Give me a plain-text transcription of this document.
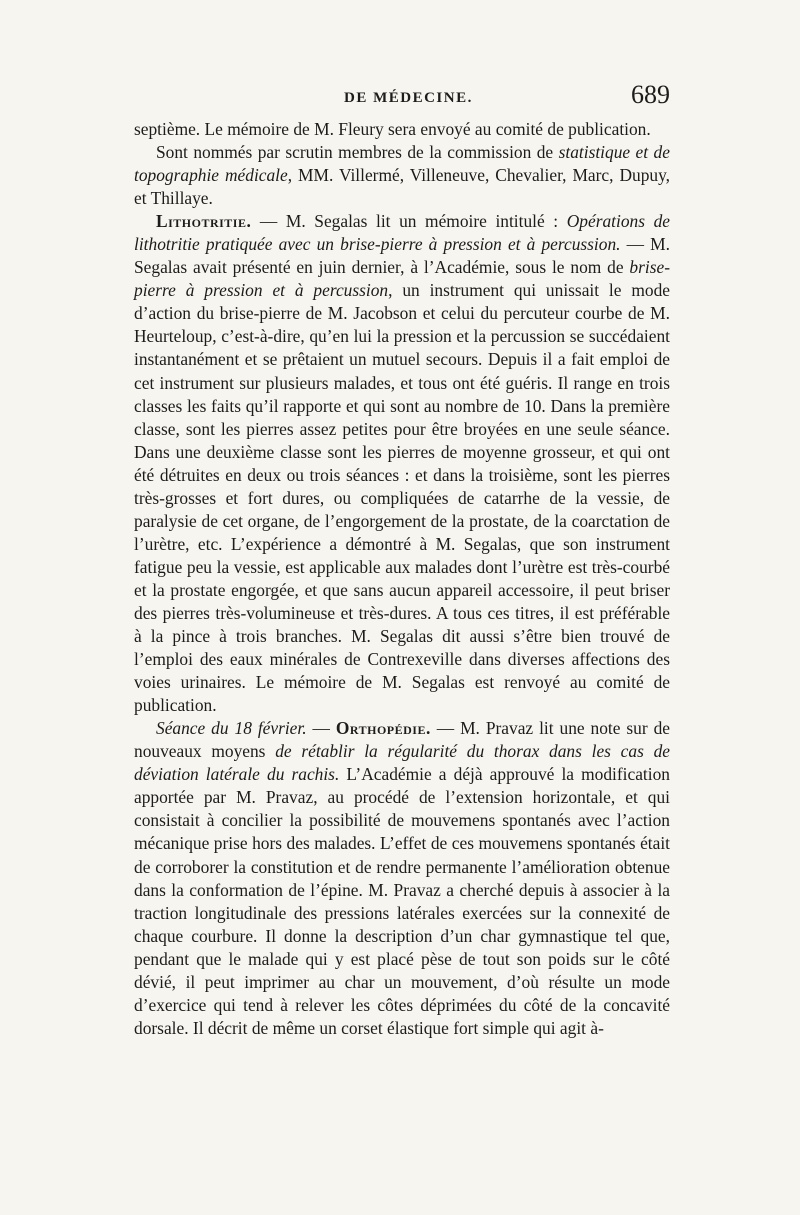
DE MÉDECINE.	689

septième. Le mémoire de M. Fleury sera envoyé au comité de publication.

Sont nommés par scrutin membres de la commission de statistique et de topographie médicale, MM. Villermé, Villeneuve, Chevalier, Marc, Dupuy, et Thillaye.

Lithotritie. — M. Segalas lit un mémoire intitulé : Opérations de lithotritie pratiquée avec un brise-pierre à pression et à percussion. — M. Segalas avait présenté en juin dernier, à l’Académie, sous le nom de brise-pierre à pression et à percussion, un instrument qui unissait le mode d’action du brise-pierre de M. Jacobson et celui du percuteur courbe de M. Heurteloup, c’est-à-dire, qu’en lui la pression et la percussion se succédaient instantanément et se prêtaient un mutuel secours. Depuis il a fait emploi de cet instrument sur plusieurs malades, et tous ont été guéris. Il range en trois classes les faits qu’il rapporte et qui sont au nombre de 10. Dans la première classe, sont les pierres assez petites pour être broyées en une seule séance. Dans une deuxième classe sont les pierres de moyenne grosseur, et qui ont été détruites en deux ou trois séances : et dans la troisième, sont les pierres très-grosses et fort dures, ou compliquées de catarrhe de la vessie, de paralysie de cet organe, de l’engorgement de la prostate, de la coarctation de l’urètre, etc. L’expérience a démontré à M. Segalas, que son instrument fatigue peu la vessie, est applicable aux malades dont l’urètre est très-courbé et la prostate engorgée, et que sans aucun appareil accessoire, il peut briser des pierres très-volumineuse et très-dures. A tous ces titres, il est préférable à la pince à trois branches. M. Segalas dit aussi s’être bien trouvé de l’emploi des eaux minérales de Contrexeville dans diverses affections des voies urinaires. Le mémoire de M. Segalas est renvoyé au comité de publication.

Séance du 18 février. — Orthopédie. — M. Pravaz lit une note sur de nouveaux moyens de rétablir la régularité du thorax dans les cas de déviation latérale du rachis. L’Académie a déjà approuvé la modification apportée par M. Pravaz, au procédé de l’extension horizontale, et qui consistait à concilier la possibilité de mouvemens spontanés avec l’action mécanique prise hors des malades. L’effet de ces mouvemens spontanés était de corroborer la constitution et de rendre permanente l’amélioration obtenue dans la conformation de l’épine. M. Pravaz a cherché depuis à associer à la traction longitudinale des pressions latérales exercées sur la connexité de chaque courbure. Il donne la description d’un char gymnastique tel que, pendant que le malade qui y est placé pèse de tout son poids sur le côté dévié, il peut imprimer au char un mouvement, d’où résulte un mode d’exercice qui tend à relever les côtes déprimées du côté de la concavité dorsale. Il décrit de même un corset élastique fort simple qui agit à-
